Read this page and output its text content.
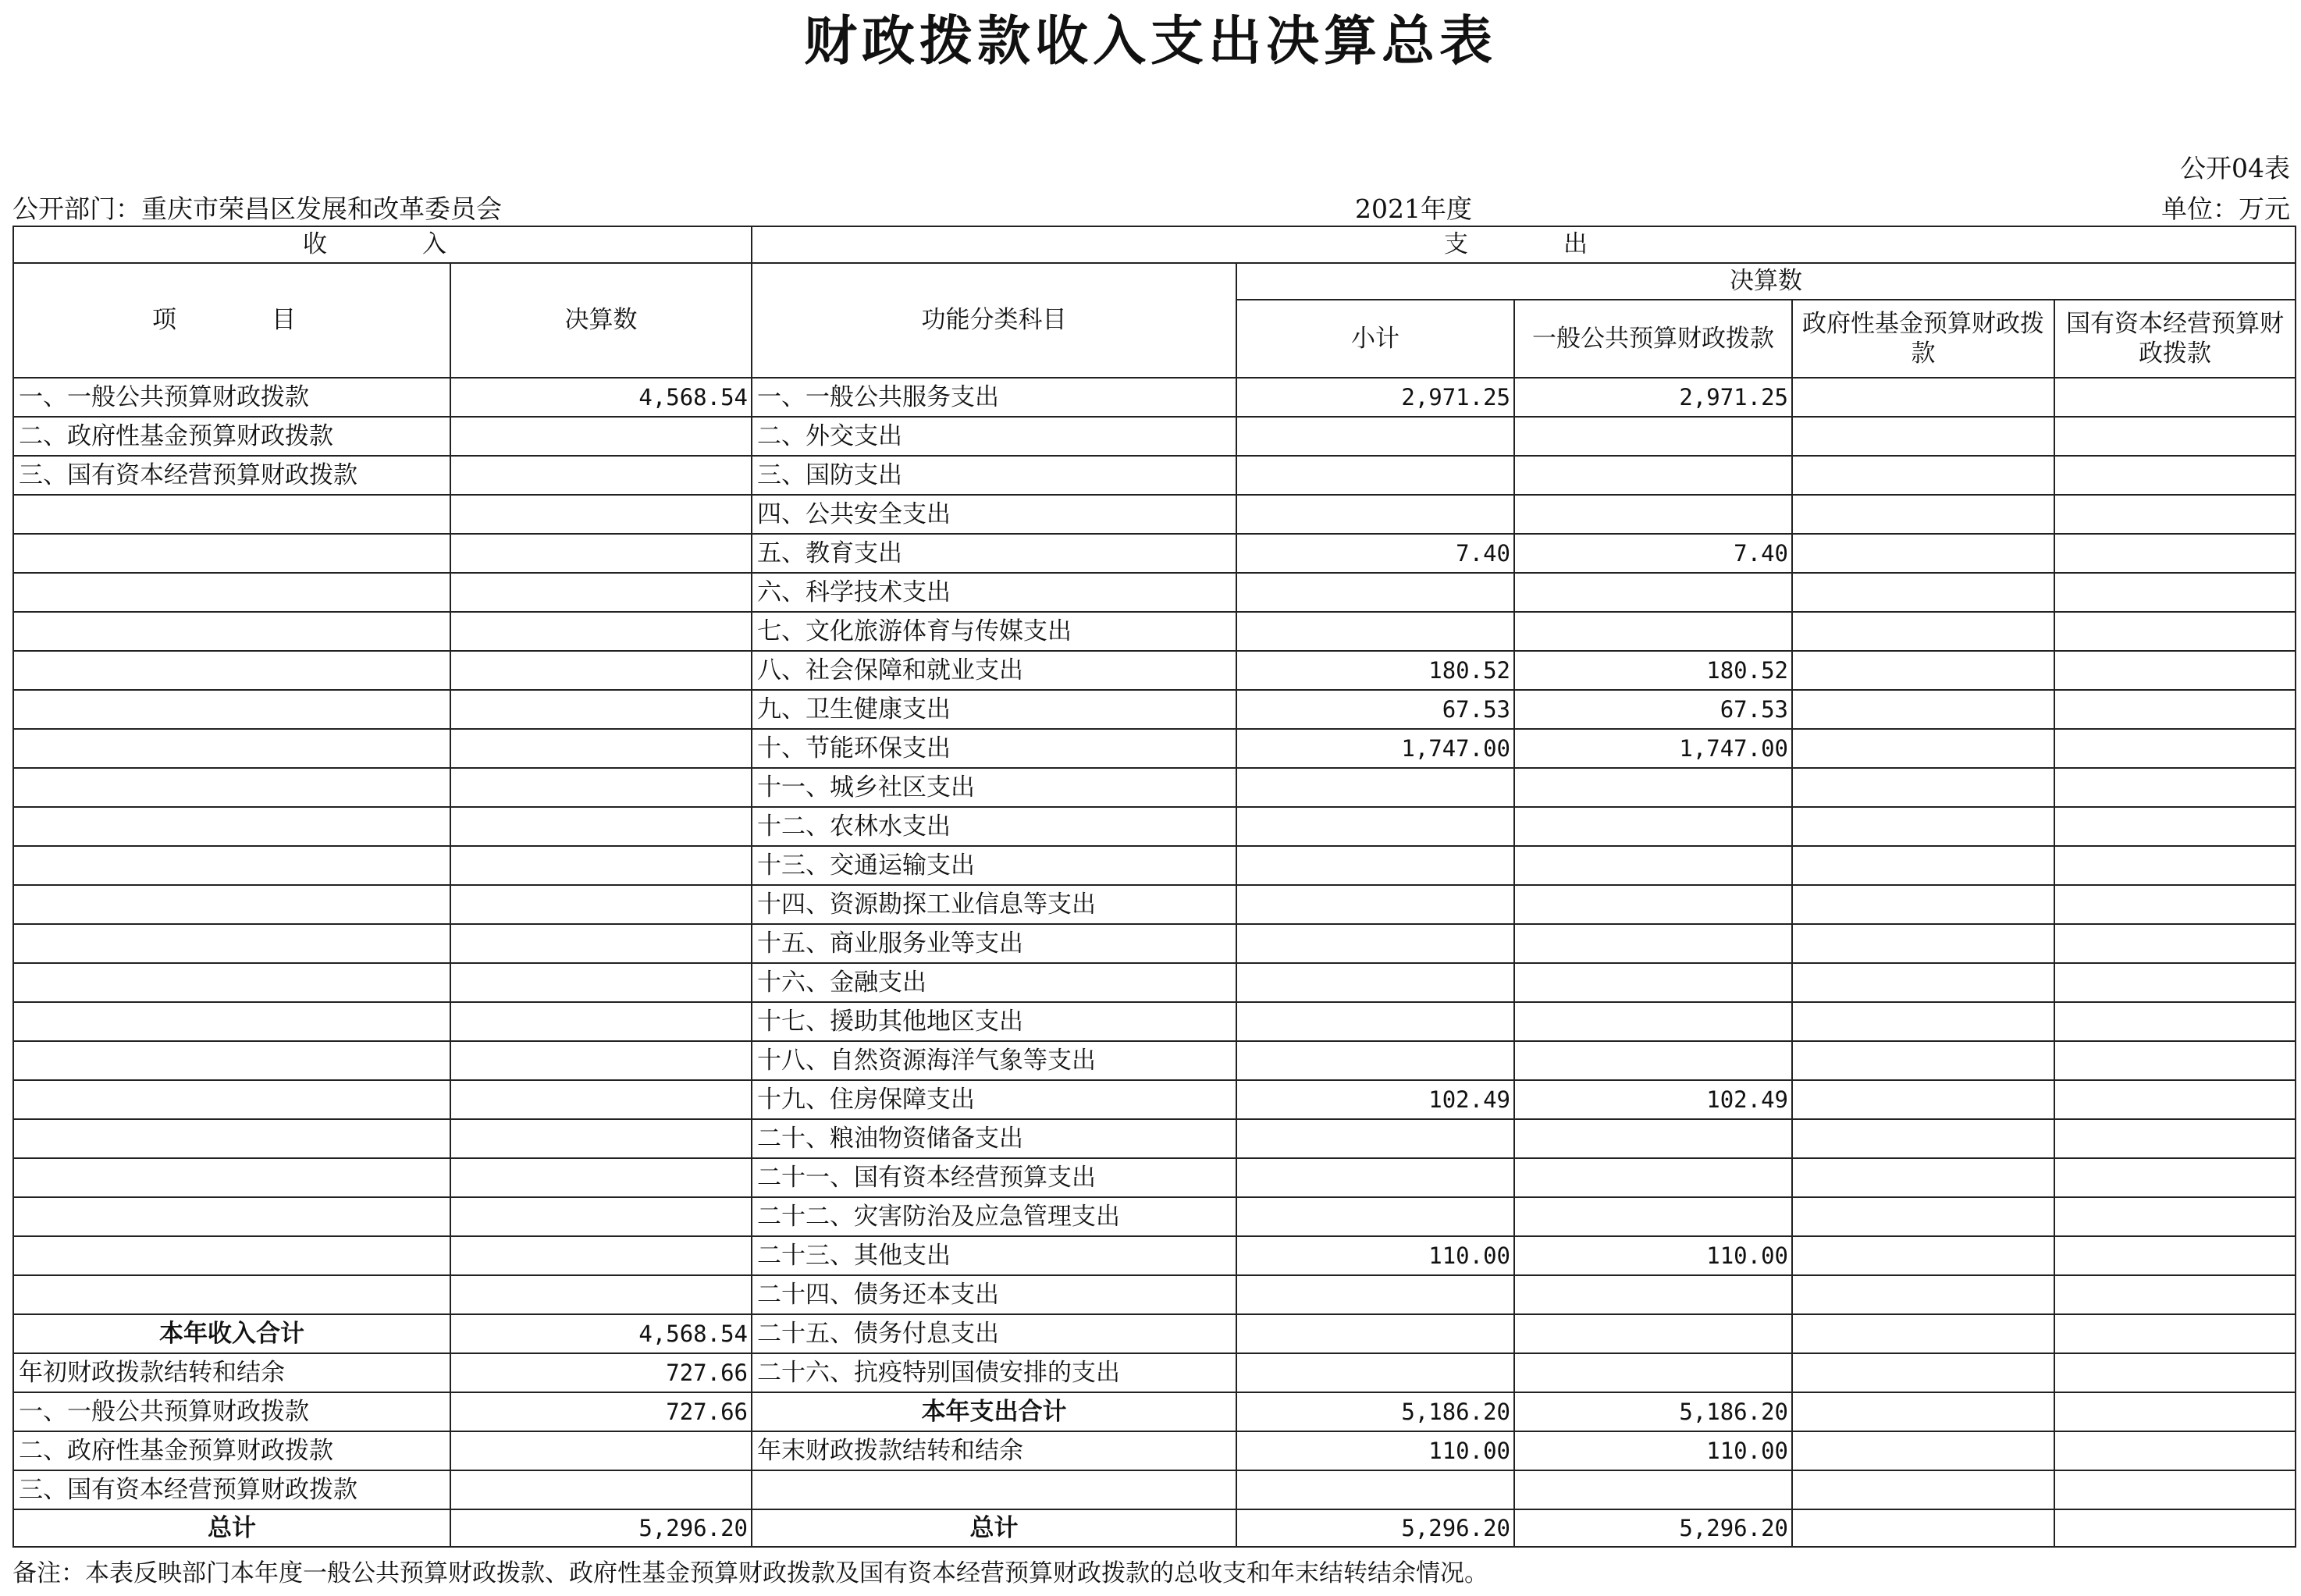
财政拨款收入支出决算总表
公开04表
公开部门：重庆市荣昌区发展和改革委员会	2021年度	单位：万元
收　　入		支　　出				
项　　目	决算数	功能分类科目	决算数			
			小计	一般公共预算财政拨款	政府性基金预算财政拨款	国有资本经营预算财政拨款
一、一般公共预算财政拨款	4,568.54	一、一般公共服务支出	2,971.25	2,971.25		
二、政府性基金预算财政拨款		二、外交支出				
三、国有资本经营预算财政拨款		三、国防支出				
		四、公共安全支出				
		五、教育支出	7.40	7.40		
		六、科学技术支出				
		七、文化旅游体育与传媒支出				
		八、社会保障和就业支出	180.52	180.52		
		九、卫生健康支出	67.53	67.53		
		十、节能环保支出	1,747.00	1,747.00		
		十一、城乡社区支出				
		十二、农林水支出				
		十三、交通运输支出				
		十四、资源勘探工业信息等支出				
		十五、商业服务业等支出				
		十六、金融支出				
		十七、援助其他地区支出				
		十八、自然资源海洋气象等支出				
		十九、住房保障支出	102.49	102.49		
		二十、粮油物资储备支出				
		二十一、国有资本经营预算支出				
		二十二、灾害防治及应急管理支出				
		二十三、其他支出	110.00	110.00		
		二十四、债务还本支出				
本年收入合计	4,568.54	二十五、债务付息支出				
年初财政拨款结转和结余	727.66	二十六、抗疫特别国债安排的支出				
一、一般公共预算财政拨款	727.66	本年支出合计	5,186.20	5,186.20		
二、政府性基金预算财政拨款		年末财政拨款结转和结余	110.00	110.00		
三、国有资本经营预算财政拨款						
总计	5,296.20	总计	5,296.20	5,296.20		
备注：本表反映部门本年度一般公共预算财政拨款、政府性基金预算财政拨款及国有资本经营预算财政拨款的总收支和年末结转结余情况。
